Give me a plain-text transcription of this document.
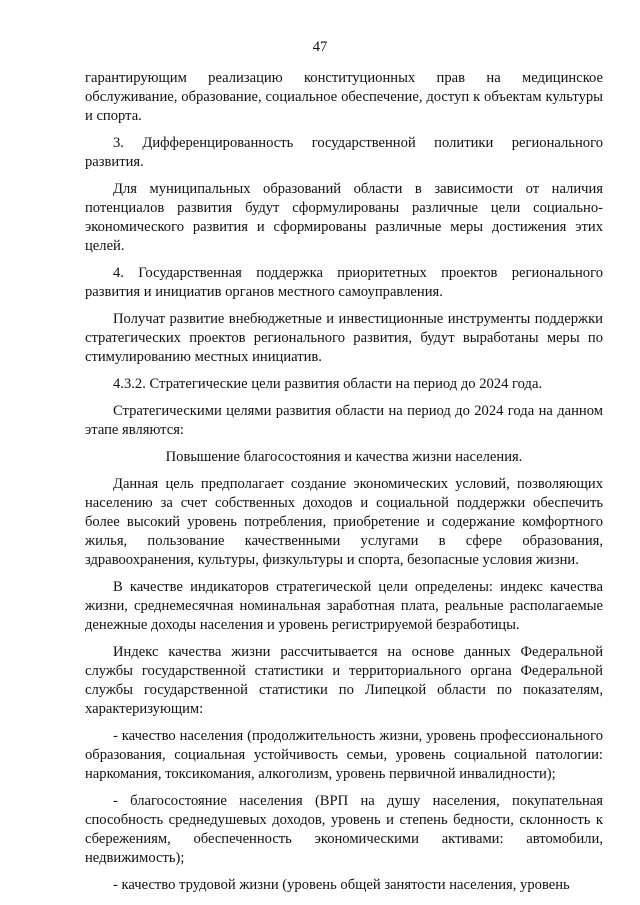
47

гарантирующим реализацию конституционных прав на медицинское обслуживание, образование, социальное обеспечение, доступ к объектам культуры и спорта.

3. Дифференцированность государственной политики регионального развития.

Для муниципальных образований области в зависимости от наличия потенциалов развития будут сформулированы различные цели социально-экономического развития и сформированы различные меры достижения этих целей.

4. Государственная поддержка приоритетных проектов регионального развития и инициатив органов местного самоуправления.

Получат развитие внебюджетные и инвестиционные инструменты поддержки стратегических проектов регионального развития, будут выработаны меры по стимулированию местных инициатив.

4.3.2. Стратегические цели развития области на период до 2024 года.

Стратегическими целями развития области на период до 2024 года на данном этапе являются:

Повышение благосостояния и качества жизни населения.

Данная цель предполагает создание экономических условий, позволяющих населению за счет собственных доходов и социальной поддержки обеспечить более высокий уровень потребления, приобретение и содержание комфортного жилья, пользование качественными услугами в сфере образования, здравоохранения, культуры, физкультуры и спорта, безопасные условия жизни.

В качестве индикаторов стратегической цели определены: индекс качества жизни, среднемесячная номинальная заработная плата, реальные располагаемые денежные доходы населения и уровень регистрируемой безработицы.

Индекс качества жизни рассчитывается на основе данных Федеральной службы государственной статистики и территориального органа Федеральной службы государственной статистики по Липецкой области по показателям, характеризующим:

- качество населения (продолжительность жизни, уровень профессионального образования, социальная устойчивость семьи, уровень социальной патологии: наркомания, токсикомания, алкоголизм, уровень первичной инвалидности);

- благосостояние населения (ВРП на душу населения, покупательная способность среднедушевых доходов, уровень и степень бедности, склонность к сбережениям, обеспеченность экономическими активами: автомобили, недвижимость);

- качество трудовой жизни (уровень общей занятости населения, уровень
